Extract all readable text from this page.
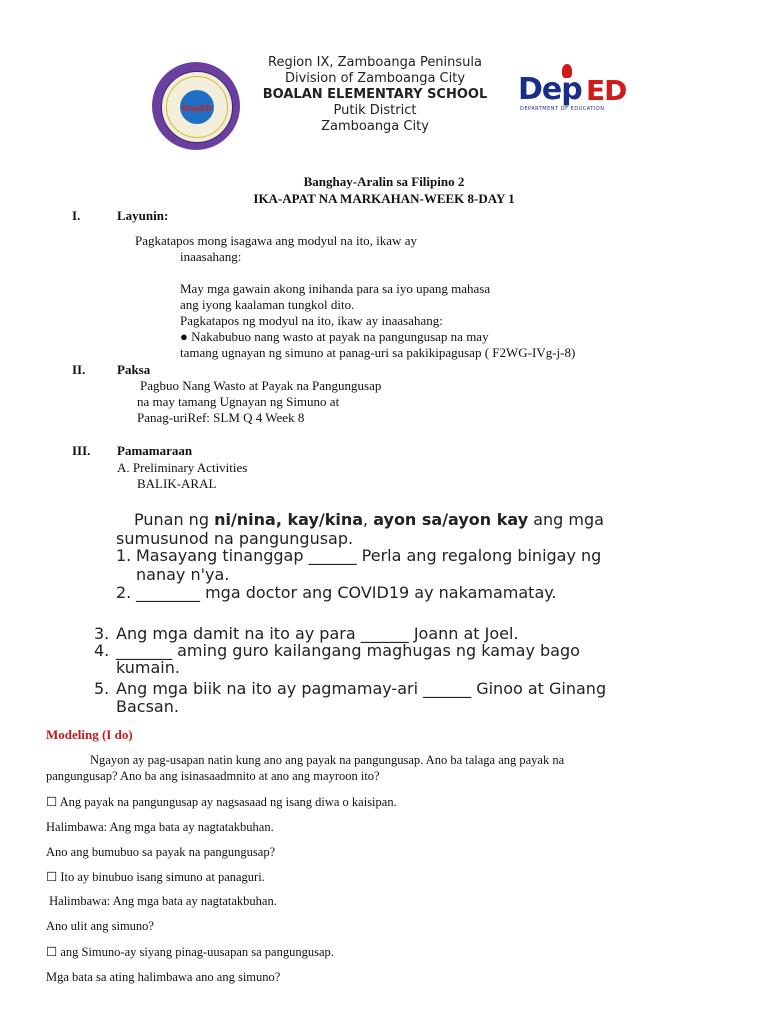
DepED
Region IX, Zamboanga Peninsula
Division of Zamboanga City
BOALAN ELEMENTARY SCHOOL
Putik District
Zamboanga City
Dep ED
DEPARTMENT OF EDUCATION
Banghay-Aralin sa Filipino 2
IKA-APAT NA MARKAHAN-WEEK 8-DAY 1
I.	Layunin:
Pagkatapos mong isagawa ang modyul na ito, ikaw ay
inaasahang:
May mga gawain akong inihanda para sa iyo upang mahasa
ang iyong kaalaman tungkol dito.
Pagkatapos ng modyul na ito, ikaw ay inaasahang:
● Nakabubuo nang wasto at payak na pangungusap na may
tamang ugnayan ng simuno at panag-uri sa pakikipagusap ( F2WG-IVg-j-8)
II. Paksa
Pagbuo Nang Wasto at Payak na Pangungusap
na may tamang Ugnayan ng Simuno at
Panag-uriRef: SLM Q 4 Week 8
III. Pamamaraan
A. Preliminary Activities
BALIK-ARAL
Punan ng ni/nina, kay/kina, ayon sa/ayon kay ang mga
sumusunod na pangungusap.
1. Masayang tinanggap ______ Perla ang regalong binigay ng
nanay n'ya.
2. ________ mga doctor ang COVID19 ay nakamamatay.
3. Ang mga damit na ito ay para ______ Joann at Joel.
4. _______ aming guro kailangang maghugas ng kamay bago
kumain.
5. Ang mga biik na ito ay pagmamay-ari ______ Ginoo at Ginang
Bacsan.
Modeling (I do)
Ngayon ay pag-usapan natin kung ano ang payak na pangungusap. Ano ba talaga ang payak na
pangungusap? Ano ba ang isinasaadmnito at ano ang mayroon ito?
☐ Ang payak na pangungusap ay nagsasaad ng isang diwa o kaisipan.
Halimbawa: Ang mga bata ay nagtatakbuhan.
Ano ang bumubuo sa payak na pangungusap?
☐ Ito ay binubuo isang simuno at panaguri.
Halimbawa: Ang mga bata ay nagtatakbuhan.
Ano ulit ang simuno?
☐ ang Simuno-ay siyang pinag-uusapan sa pangungusap.
Mga bata sa ating halimbawa ano ang simuno?
